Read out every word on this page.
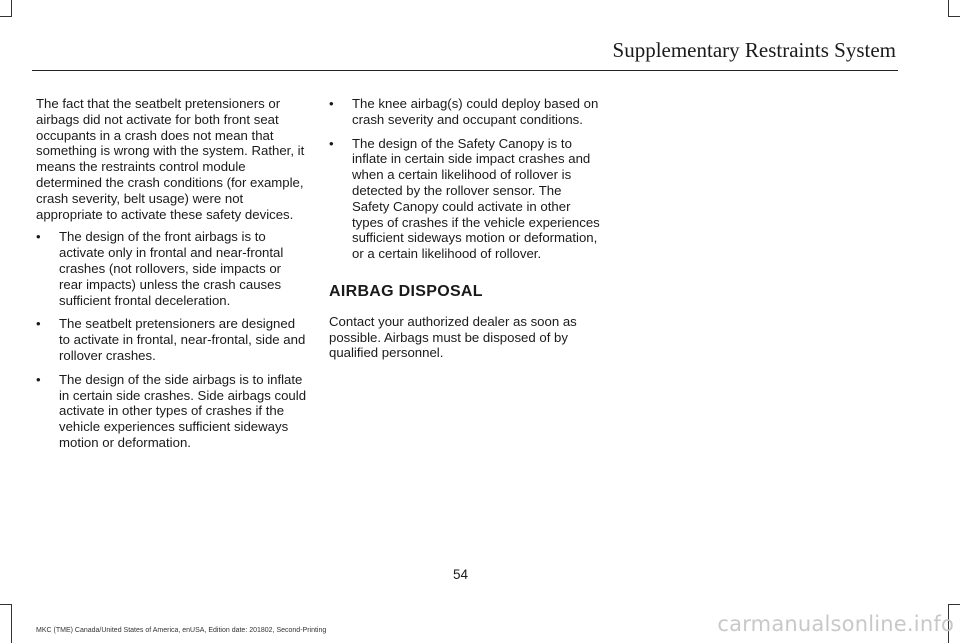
Supplementary Restraints System

The fact that the seatbelt pretensioners or airbags did not activate for both front seat occupants in a crash does not mean that something is wrong with the system. Rather, it means the restraints control module determined the crash conditions (for example, crash severity, belt usage) were not appropriate to activate these safety devices.

• The design of the front airbags is to activate only in frontal and near-frontal crashes (not rollovers, side impacts or rear impacts) unless the crash causes sufficient frontal deceleration.
• The seatbelt pretensioners are designed to activate in frontal, near-frontal, side and rollover crashes.
• The design of the side airbags is to inflate in certain side crashes. Side airbags could activate in other types of crashes if the vehicle experiences sufficient sideways motion or deformation.
• The knee airbag(s) could deploy based on crash severity and occupant conditions.
• The design of the Safety Canopy is to inflate in certain side impact crashes and when a certain likelihood of rollover is detected by the rollover sensor. The Safety Canopy could activate in other types of crashes if the vehicle experiences sufficient sideways motion or deformation, or a certain likelihood of rollover.
AIRBAG DISPOSAL

Contact your authorized dealer as soon as possible. Airbags must be disposed of by qualified personnel.

54
MKC (TME) Canada/United States of America, enUSA, Edition date: 201802, Second-Printing	carmanualsonline.info
